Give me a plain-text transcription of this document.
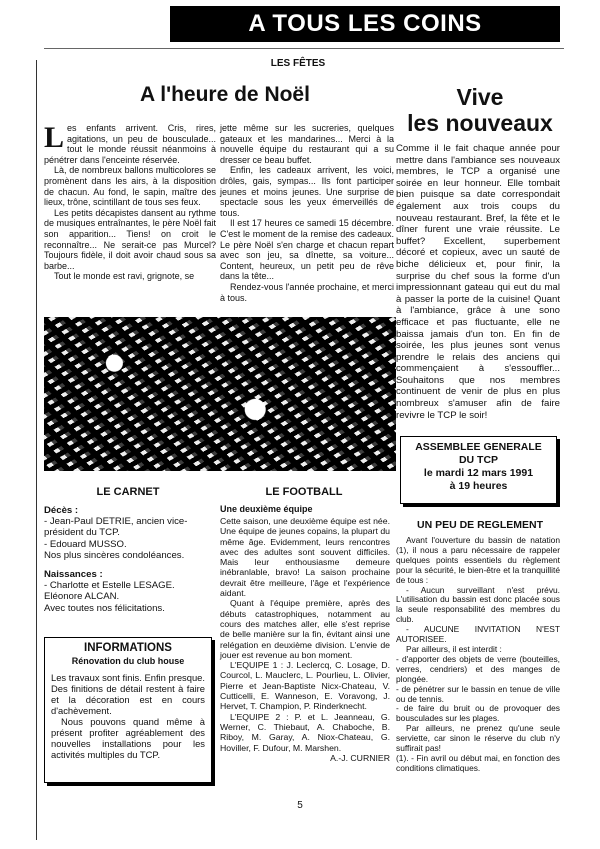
A TOUS LES COINS
LES FÊTES
A l'heure de Noël
L es enfants arrivent. Cris, rires, agitations, un peu de bousculade... tout le monde réussit néanmoins à pénétrer dans l'enceinte réservée.

Là, de nombreux ballons multicolores se promènent dans les airs, à la disposition de chacun. Au fond, le sapin, maître des lieux, trône, scintillant de tous ses feux.

Les petits décapistes dansent au rythme de musiques entraînantes, le père Noël fait son apparition... Tiens! on croit le reconnaître... Ne serait-ce pas Murcel? Toujours fidèle, il doit avoir chaud sous sa barbe...

Tout le monde est ravi, grignote, se

jette même sur les sucreries, quelques gateaux et les mandarines... Merci à la nouvelle équipe du restaurant qui a su dresser ce beau buffet.

Enfin, les cadeaux arrivent, les voici, drôles, gais, sympas... Ils font participer jeunes et moins jeunes. Une surprise de spectacle sous les yeux émerveillés de tous.

Il est 17 heures ce samedi 15 décembre. C'est le moment de la remise des cadeaux. Le père Noël s'en charge et chacun repart avec son jeu, sa dînette, sa voiture... Content, heureux, un petit peu de rêve dans la tête...

Rendez-vous l'année prochaine, et merci à tous.

Vive
les nouveaux

Comme il le fait chaque année pour mettre dans l'ambiance ses nouveaux membres, le TCP a organisé une soirée en leur honneur. Elle tombait bien puisque sa date correspondait également aux trois coups du nouveau restaurant. Bref, la fête et le dîner furent une vraie réussite. Le buffet? Excellent, superbement décoré et copieux, avec un sauté de biche délicieux et, pour finir, la surprise du chef sous la forme d'un impressionnant gateau qui eut du mal à passer la porte de la cuisine! Quant à l'ambiance, grâce à une sono efficace et pas fluctuante, elle ne baissa jamais d'un ton. En fin de soirée, les plus jeunes sont venus prendre le relais des anciens qui commençaient à s'essouffler... Souhaitons que nos membres continuent de venir de plus en plus nombreux s'amuser afin de faire revivre le TCP le soir!

ASSEMBLEE GENERALE
DU TCP
le mardi 12 mars 1991
à 19 heures
LE CARNET
Décès :
- Jean-Paul DETRIE, ancien vice-président du TCP.
- Edouard MUSSO.
Nos plus sincères condoléances.
Naissances :
- Charlotte et Estelle LESAGE.
Eléonore ALCAN.
Avec toutes nos félicitations.
INFORMATIONS
Rénovation du club house

Les travaux sont finis. Enfin presque. Des finitions de détail restent à faire et la décoration est en cours d'achèvement.

Nous pouvons quand même à présent profiter agréablement des nouvelles installations pour les activités multiples du TCP.

LE FOOTBALL
Une deuxième équipe

Cette saison, une deuxième équipe est née. Une équipe de jeunes copains, la plupart du même âge. Evidemment, leurs rencontres avec des adultes sont souvent difficiles. Mais leur enthousiasme demeure inébranlable, bravo! La saison prochaine devrait être meilleure, l'âge et l'expérience aidant.

Quant à l'équipe première, après des débuts catastrophiques, notamment au cours des matches aller, elle s'est reprise de belle manière sur la fin, évitant ainsi une relégation en deuxième division. L'envie de jouer est revenue au bon moment.

L'EQUIPE 1 : J. Leclercq, C. Losage, D. Courcol, L. Mauclerc, L. Pourlieu, L. Olivier, Pierre et Jean-Baptiste Nicx-Chateau, V. Cutticelli, E. Wanneson, E. Voravong, J. Hervet, T. Champion, P. Rinderknecht.

L'EQUIPE 2 : P. et L. Jeanneau, G. Werner, C. Thiebaut, A. Chaboche, B. Riboy, M. Garay, A. Niox-Chateau, G. Hoviller, F. Dufour, M. Marshen.

A.-J. CURNIER
UN PEU DE REGLEMENT

Avant l'ouverture du bassin de natation (1), il nous a paru nécessaire de rappeler quelques points essentiels du règlement pour la sécurité, le bien-être et la tranquillité de tous :

- Aucun surveillant n'est prévu. L'utilisation du bassin est donc placée sous la seule responsabilité des membres du club.

- AUCUNE INVITATION N'EST AUTORISEE.

Par ailleurs, il est interdit :

- d'apporter des objets de verre (bouteilles, verres, cendriers) et des manges de plongée.

- de pénétrer sur le bassin en tenue de ville ou de tennis.

- de faire du bruit ou de provoquer des bousculades sur les plages.

Par ailleurs, ne prenez qu'une seule serviette, car sinon le réserve du club n'y suffirait pas!

(1). - Fin avril ou début mai, en fonction des conditions climatiques.

5
